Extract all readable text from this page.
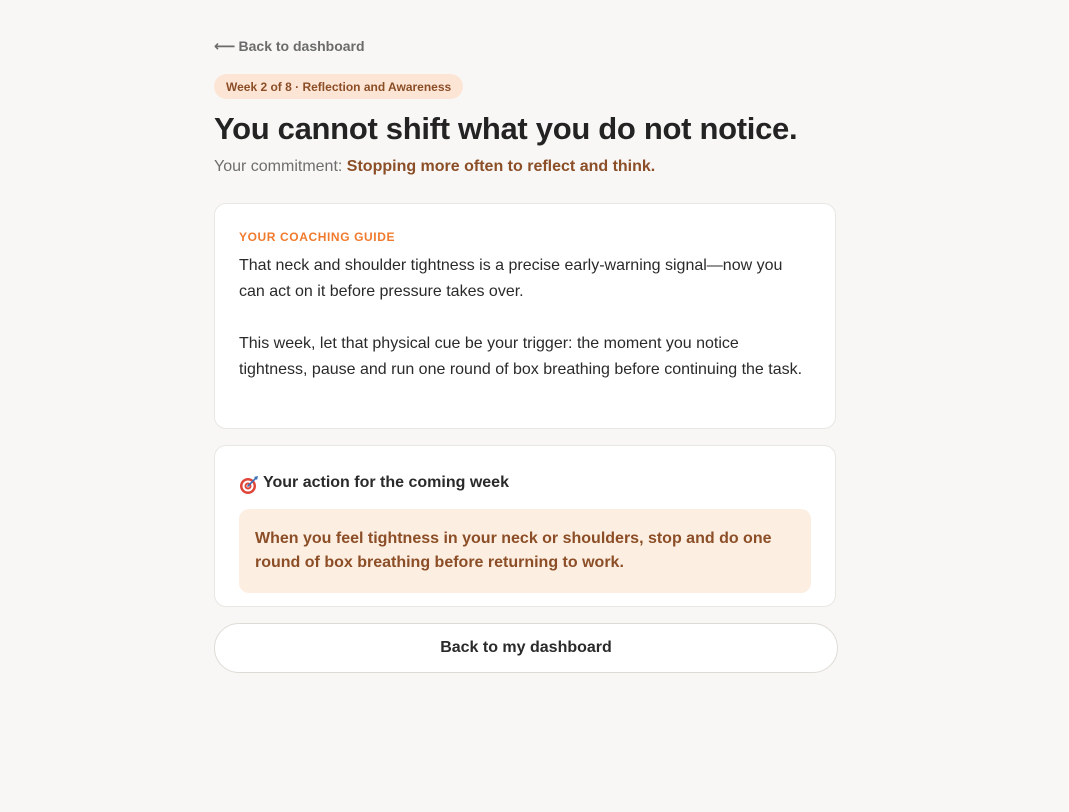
⟵ Back to dashboard
Week 2 of 8 · Reflection and Awareness
You cannot shift what you do not notice.
Your commitment: Stopping more often to reflect and think.
YOUR COACHING GUIDE

That neck and shoulder tightness is a precise early-warning signal—now you can act on it before pressure takes over.

This week, let that physical cue be your trigger: the moment you notice tightness, pause and run one round of box breathing before continuing the task.

Your action for the coming week
When you feel tightness in your neck or shoulders, stop and do one round of box breathing before returning to work.
Back to my dashboard
